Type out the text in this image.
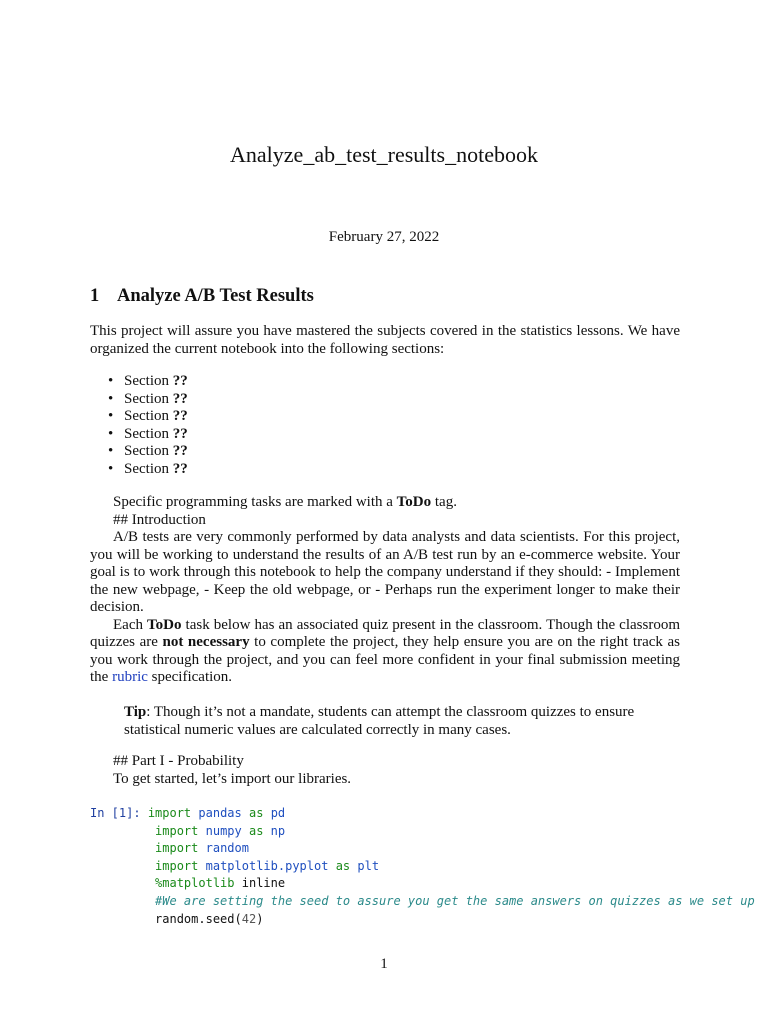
Analyze_ab_test_results_notebook
February 27, 2022
1 Analyze A/B Test Results
This project will assure you have mastered the subjects covered in the statistics lessons. We have organized the current notebook into the following sections:
• Section ??
• Section ??
• Section ??
• Section ??
• Section ??
• Section ??
Specific programming tasks are marked with a ToDo tag.
## Introduction
A/B tests are very commonly performed by data analysts and data scientists. For this project, you will be working to understand the results of an A/B test run by an e-commerce website. Your goal is to work through this notebook to help the company understand if they should: - Implement the new webpage, - Keep the old webpage, or - Perhaps run the experiment longer to make their decision.
Each ToDo task below has an associated quiz present in the classroom. Though the classroom quizzes are not necessary to complete the project, they help ensure you are on the right track as you work through the project, and you can feel more confident in your final submission meeting the rubric specification.
Tip: Though it’s not a mandate, students can attempt the classroom quizzes to ensure statistical numeric values are calculated correctly in many cases.
## Part I - Probability
To get started, let’s import our libraries.
In [1]: import pandas as pd
import numpy as np
import random
import matplotlib.pyplot as plt
%matplotlib inline
#We are setting the seed to assure you get the same answers on quizzes as we set up
random.seed(42)
1
